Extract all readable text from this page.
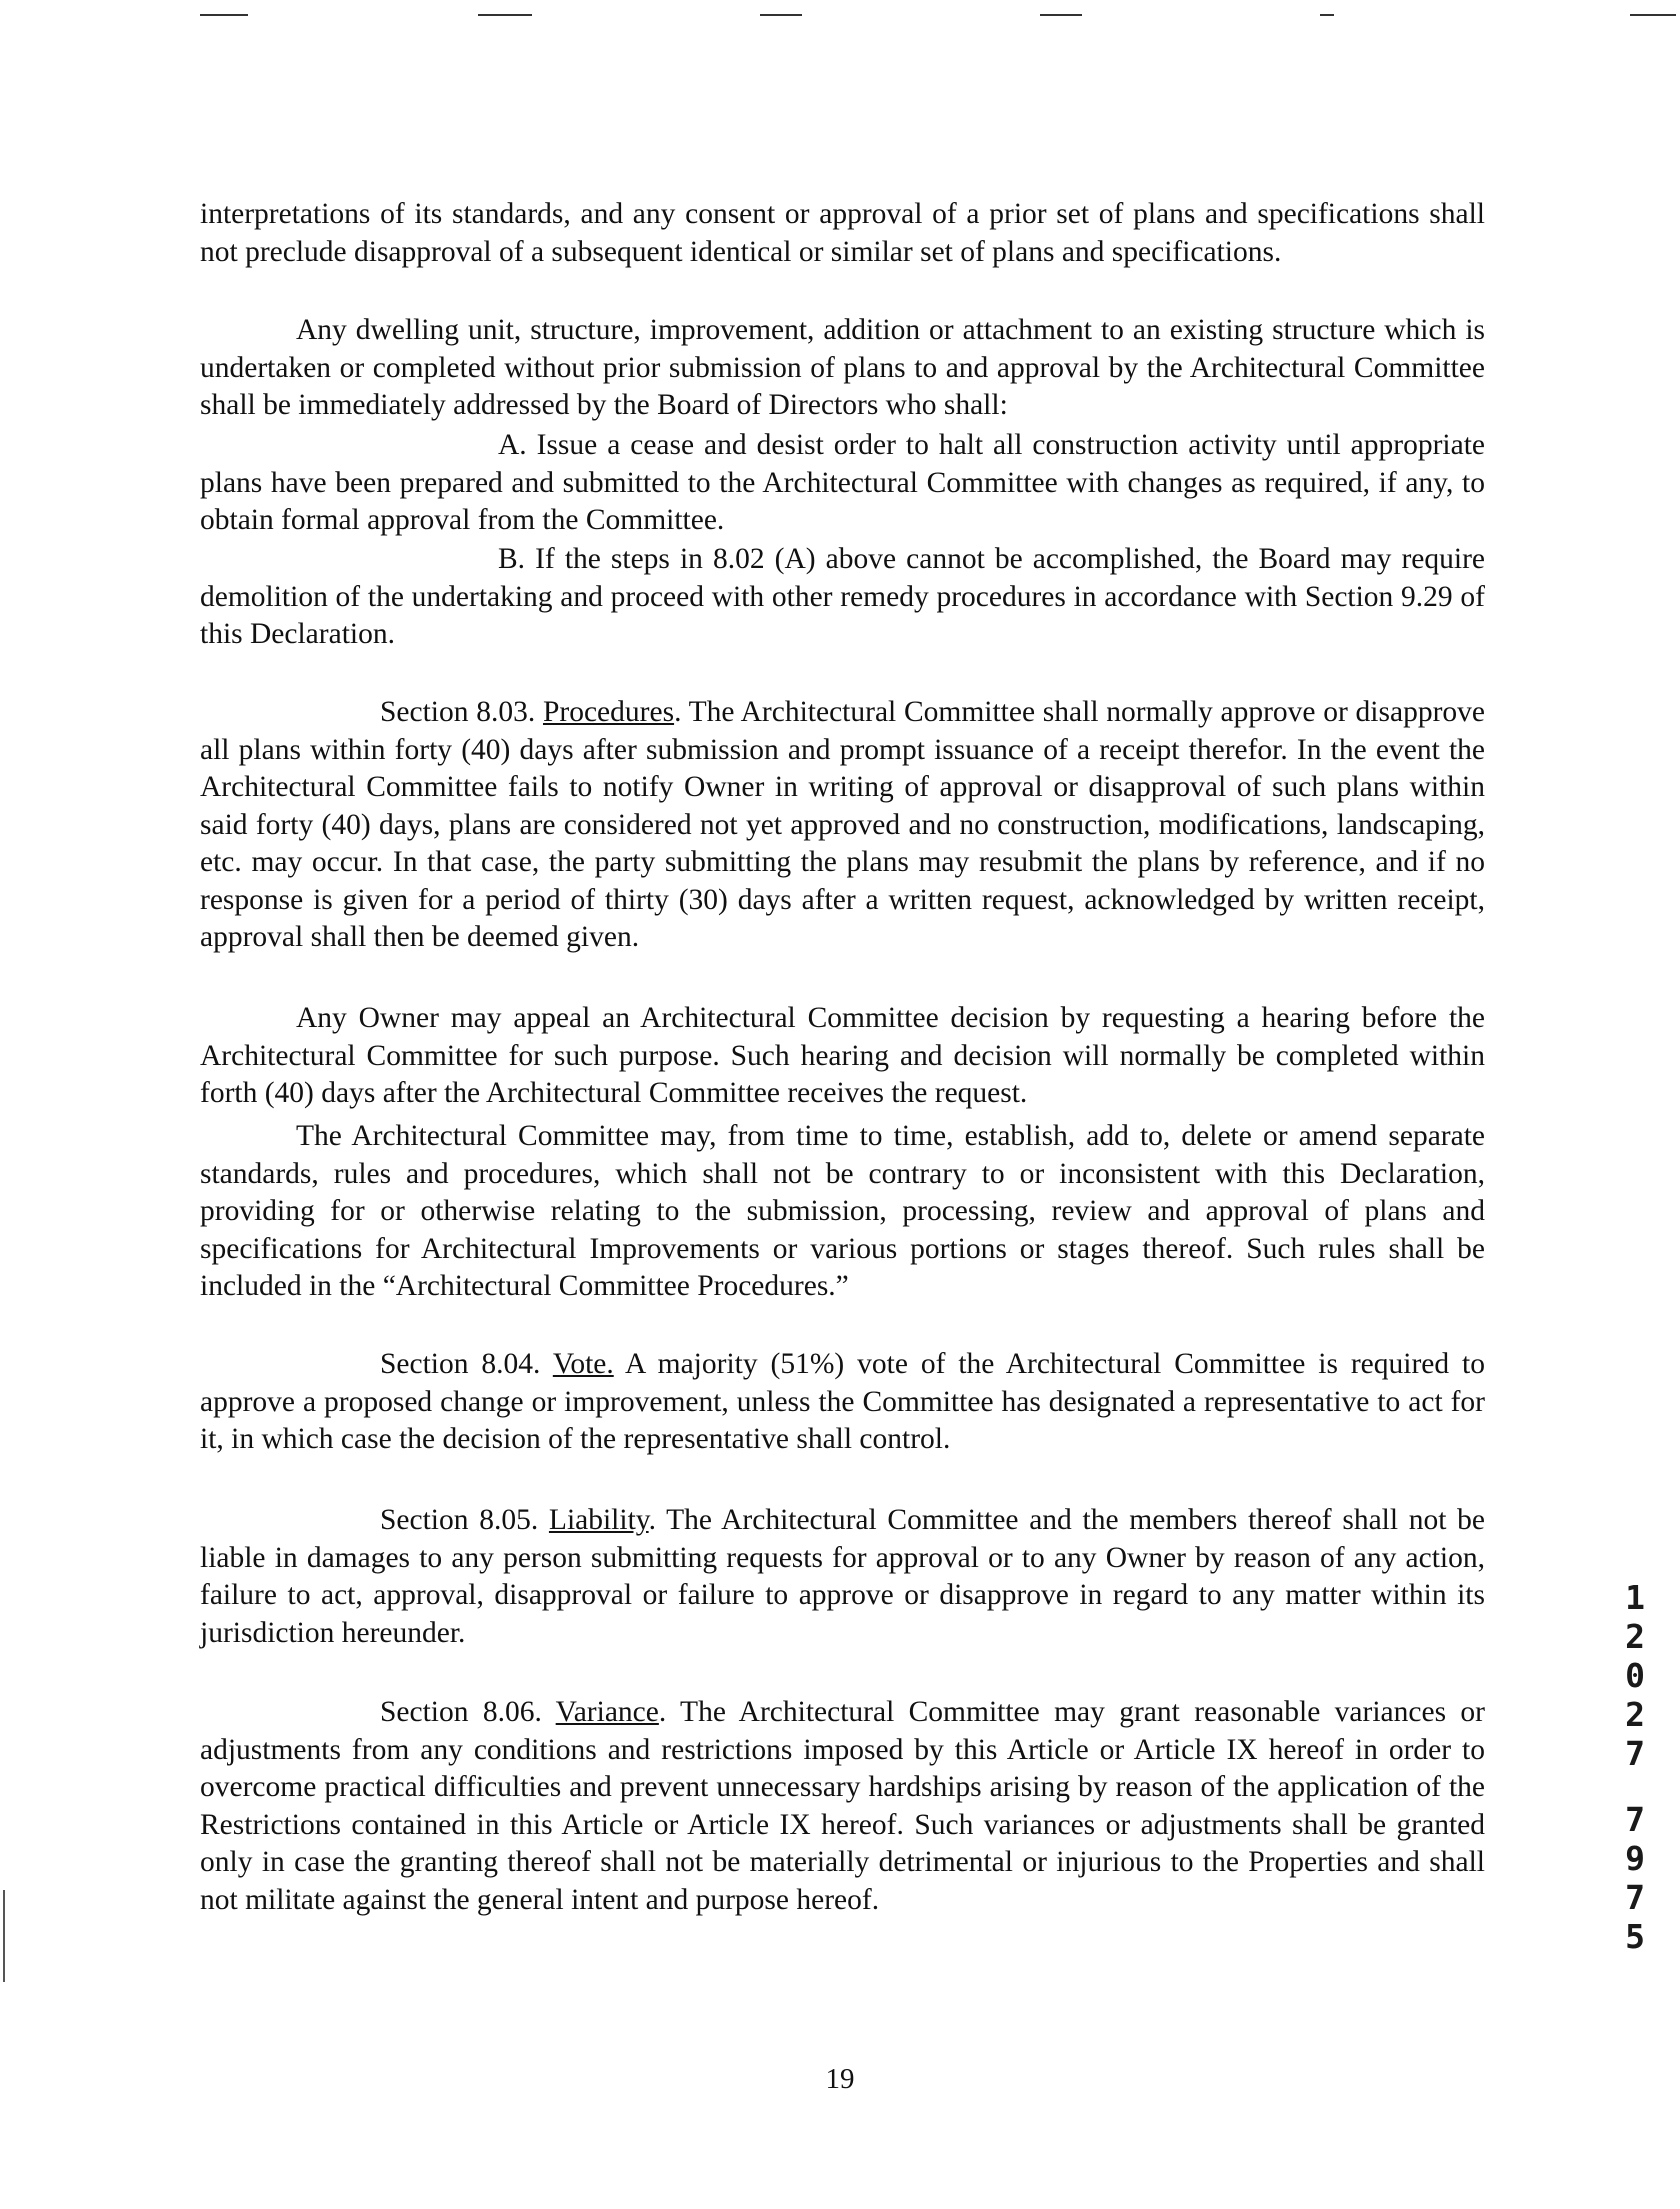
interpretations of its standards, and any consent or approval of a prior set of plans and specifications shall not preclude disapproval of a subsequent identical or similar set of plans and specifications.

Any dwelling unit, structure, improvement, addition or attachment to an existing structure which is undertaken or completed without prior submission of plans to and approval by the Architectural Committee shall be immediately addressed by the Board of Directors who shall:

A. Issue a cease and desist order to halt all construction activity until appropriate plans have been prepared and submitted to the Architectural Committee with changes as required, if any, to obtain formal approval from the Committee.

B. If the steps in 8.02 (A) above cannot be accomplished, the Board may require demolition of the undertaking and proceed with other remedy procedures in accordance with Section 9.29 of this Declaration.

Section 8.03. Procedures. The Architectural Committee shall normally approve or disapprove all plans within forty (40) days after submission and prompt issuance of a receipt therefor. In the event the Architectural Committee fails to notify Owner in writing of approval or disapproval of such plans within said forty (40) days, plans are considered not yet approved and no construction, modifications, landscaping, etc. may occur. In that case, the party submitting the plans may resubmit the plans by reference, and if no response is given for a period of thirty (30) days after a written request, acknowledged by written receipt, approval shall then be deemed given.

Any Owner may appeal an Architectural Committee decision by requesting a hearing before the Architectural Committee for such purpose. Such hearing and decision will normally be completed within forth (40) days after the Architectural Committee receives the request.

The Architectural Committee may, from time to time, establish, add to, delete or amend separate standards, rules and procedures, which shall not be contrary to or inconsistent with this Declaration, providing for or otherwise relating to the submission, processing, review and approval of plans and specifications for Architectural Improvements or various portions or stages thereof. Such rules shall be included in the “Architectural Committee Procedures.”

Section 8.04. Vote. A majority (51%) vote of the Architectural Committee is required to approve a proposed change or improvement, unless the Committee has designated a representative to act for it, in which case the decision of the representative shall control.

Section 8.05. Liability. The Architectural Committee and the members thereof shall not be liable in damages to any person submitting requests for approval or to any Owner by reason of any action, failure to act, approval, disapproval or failure to approve or disapprove in regard to any matter within its jurisdiction hereunder.

Section 8.06. Variance. The Architectural Committee may grant reasonable variances or adjustments from any conditions and restrictions imposed by this Article or Article IX hereof in order to overcome practical difficulties and prevent unnecessary hardships arising by reason of the application of the Restrictions contained in this Article or Article IX hereof. Such variances or adjustments shall be granted only in case the granting thereof shall not be materially detrimental or injurious to the Properties and shall not militate against the general intent and purpose hereof.

19
1
2
0
2
7
7
9
7
5
